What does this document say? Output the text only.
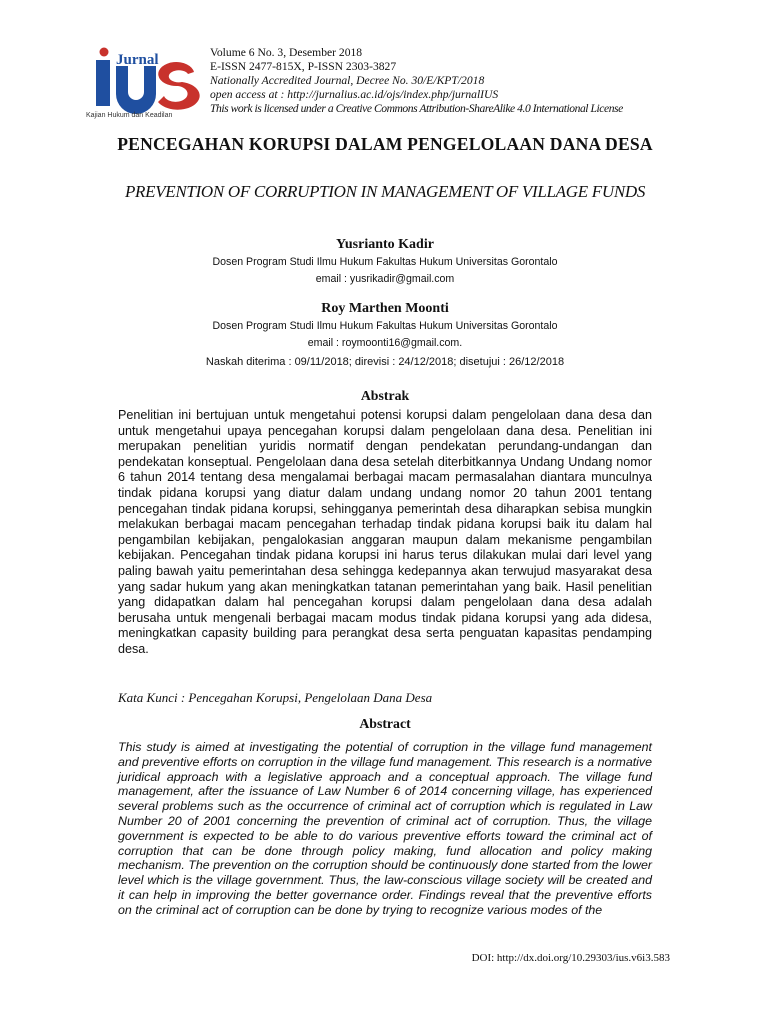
Jurnal
Kajian Hukum dan Keadilan
Volume 6 No. 3, Desember 2018
E-ISSN 2477-815X, P-ISSN 2303-3827
Nationally Accredited Journal, Decree No. 30/E/KPT/2018
open access at : http://jurnalius.ac.id/ojs/index.php/jurnalIUS
This work is licensed under a Creative Commons Attribution-ShareAlike 4.0 International License
PENCEGAHAN KORUPSI DALAM PENGELOLAAN DANA DESA
PREVENTION OF CORRUPTION IN MANAGEMENT OF VILLAGE FUNDS
Yusrianto Kadir
Dosen Program Studi Ilmu Hukum Fakultas Hukum Universitas Gorontalo
email : yusrikadir@gmail.com
Roy Marthen Moonti
Dosen Program Studi Ilmu Hukum Fakultas Hukum Universitas Gorontalo
email : roymoonti16@gmail.com.
Naskah diterima : 09/11/2018; direvisi : 24/12/2018; disetujui : 26/12/2018
Abstrak
Penelitian ini bertujuan untuk mengetahui potensi korupsi dalam pengelolaan dana desa dan untuk mengetahui upaya pencegahan korupsi dalam pengelolaan dana desa. Penelitian ini merupakan penelitian yuridis normatif dengan pendekatan perundang-undangan dan pendekatan konseptual. Pengelolaan dana desa setelah diterbitkannya Undang Undang nomor 6 tahun 2014 tentang desa mengalamai berbagai macam permasalahan diantara munculnya tindak pidana korupsi yang diatur dalam undang undang nomor 20 tahun 2001 tentang pencegahan tindak pidana korupsi, sehingganya pemerintah desa diharapkan sebisa mungkin melakukan berbagai macam pencegahan terhadap tindak pidana korupsi baik itu dalam hal pengambilan kebijakan, pengalokasian anggaran maupun dalam mekanisme pengambilan kebijakan. Pencegahan tindak pidana korupsi ini harus terus dilakukan mulai dari level yang paling bawah yaitu pemerintahan desa sehingga kedepannya akan terwujud masyarakat desa yang sadar hukum yang akan meningkatkan tatanan pemerintahan yang baik. Hasil penelitian yang didapatkan dalam hal pencegahan korupsi dalam pengelolaan dana desa adalah berusaha untuk mengenali berbagai macam modus tindak pidana korupsi yang ada didesa, meningkatkan capasity building para perangkat desa serta penguatan kapasitas pendamping desa.
Kata Kunci : Pencegahan Korupsi, Pengelolaan Dana Desa
Abstract
This study is aimed at investigating the potential of corruption in the village fund management and preventive efforts on corruption in the village fund management. This research is a normative juridical approach with a legislative approach and a conceptual approach. The village fund management, after the issuance of Law Number 6 of 2014 concerning village, has experienced several problems such as the occurrence of criminal act of corruption which is regulated in Law Number 20 of 2001 concerning the prevention of criminal act of corruption. Thus, the village government is expected to be able to do various preventive efforts toward the criminal act of corruption that can be done through policy making, fund allocation and policy making mechanism. The prevention on the corruption should be continuously done started from the lower level which is the village government. Thus, the law-conscious village society will be created and it can help in improving the better governance order. Findings reveal that the preventive efforts on the criminal act of corruption can be done by trying to recognize various modes of the
DOI: http://dx.doi.org/10.29303/ius.v6i3.583
